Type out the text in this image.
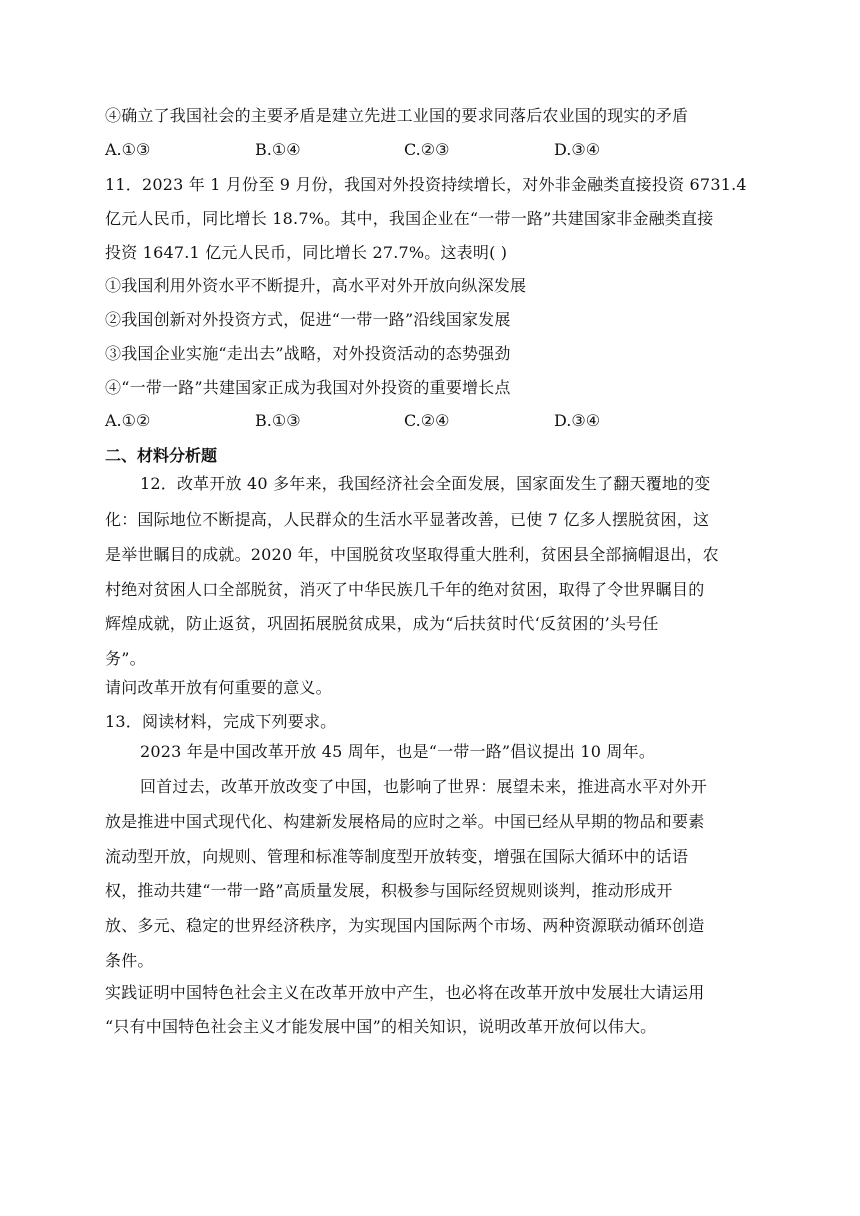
④确立了我国社会的主要矛盾是建立先进工业国的要求同落后农业国的现实的矛盾
A.①③	B.①④	C.②③	D.③④
11．2023 年 1 月份至 9 月份，我国对外投资持续增长，对外非金融类直接投资 6731.4
亿元人民币，同比增长 18.7%。其中，我国企业在“一带一路”共建国家非金融类直接
投资 1647.1 亿元人民币，同比增长 27.7%。这表明( )
①我国利用外资水平不断提升，高水平对外开放向纵深发展
②我国创新对外投资方式，促进“一带一路”沿线国家发展
③我国企业实施“走出去”战略，对外投资活动的态势强劲
④“一带一路”共建国家正成为我国对外投资的重要增长点
A.①②	B.①③	C.②④	D.③④
二、材料分析题
12．改革开放 40 多年来，我国经济社会全面发展，国家面发生了翻天覆地的变
化：国际地位不断提高，人民群众的生活水平显著改善，已使 7 亿多人摆脱贫困，这
是举世瞩目的成就。2020 年，中国脱贫攻坚取得重大胜利，贫困县全部摘帽退出，农
村绝对贫困人口全部脱贫，消灭了中华民族几千年的绝对贫困，取得了令世界瞩目的
辉煌成就，防止返贫，巩固拓展脱贫成果，成为“后扶贫时代‘反贫困的’头号任
务”。
请问改革开放有何重要的意义。
13．阅读材料，完成下列要求。
2023 年是中国改革开放 45 周年，也是“一带一路”倡议提出 10 周年。
回首过去，改革开放改变了中国，也影响了世界：展望未来，推进高水平对外开
放是推进中国式现代化、构建新发展格局的应时之举。中国已经从早期的物品和要素
流动型开放，向规则、管理和标准等制度型开放转变，增强在国际大循环中的话语
权，推动共建“一带一路”高质量发展，积极参与国际经贸规则谈判，推动形成开
放、多元、稳定的世界经济秩序，为实现国内国际两个市场、两种资源联动循环创造
条件。
实践证明中国特色社会主义在改革开放中产生，也必将在改革开放中发展壮大请运用
“只有中国特色社会主义才能发展中国”的相关知识，说明改革开放何以伟大。
